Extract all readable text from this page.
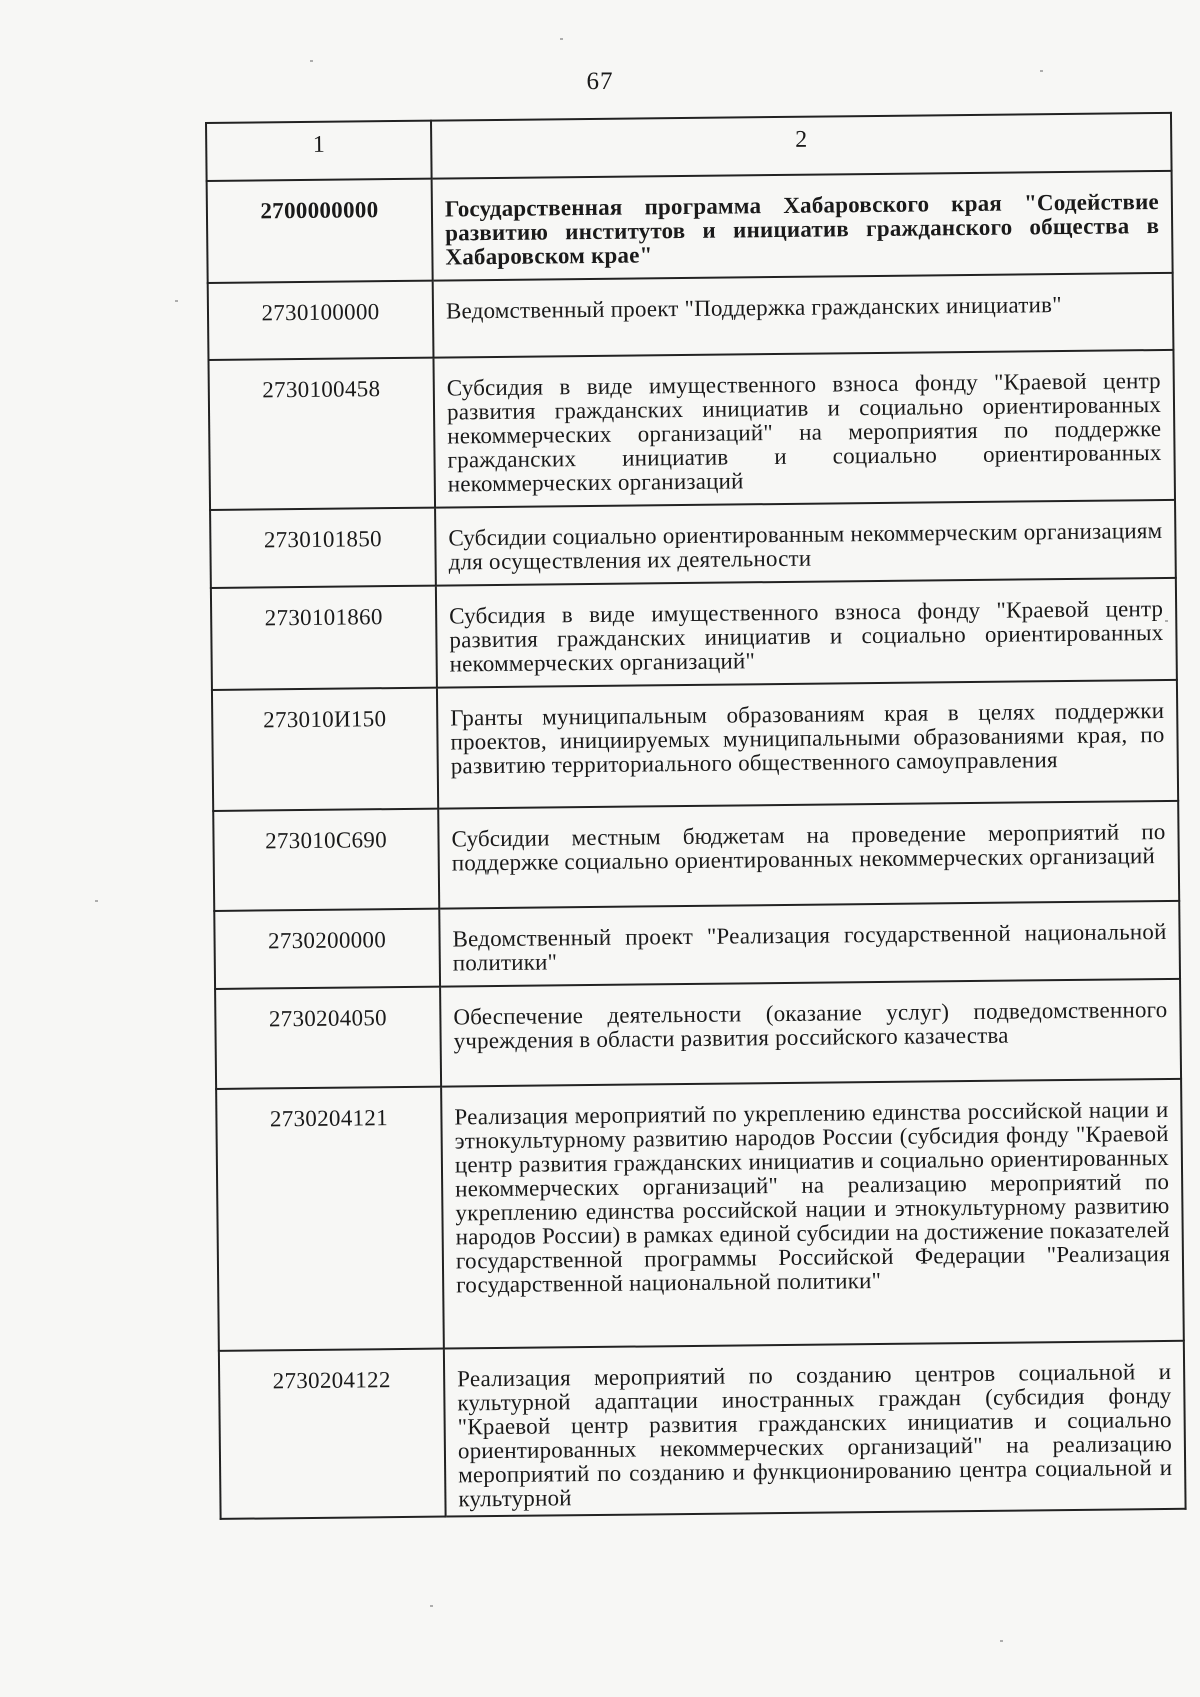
67
1	2
2700000000	Государственная программа Хабаровского края "Содействие развитию институтов и инициатив гражданского общества в Хабаровском крае"
2730100000	Ведомственный проект "Поддержка гражданских инициатив"
2730100458	Субсидия в виде имущественного взноса фонду "Краевой центр развития гражданских инициатив и социально ориентированных некоммерческих организаций" на мероприятия по поддержке гражданских инициатив и социально ориентированных некоммерческих организаций
2730101850	Субсидии социально ориентированным некоммерческим организациям для осуществления их деятельности
2730101860	Субсидия в виде имущественного взноса фонду "Краевой центр развития гражданских инициатив и социально ориентированных некоммерческих организаций"
273010И150	Гранты муниципальным образованиям края в целях поддержки проектов, инициируемых муниципальными образованиями края, по развитию территориального общественного самоуправления
273010С690	Субсидии местным бюджетам на проведение мероприятий по поддержке социально ориентированных некоммерческих организаций
2730200000	Ведомственный проект "Реализация государственной национальной политики"
2730204050	Обеспечение деятельности (оказание услуг) подведомственного учреждения в области развития российского казачества
2730204121	Реализация мероприятий по укреплению единства российской нации и этнокультурному развитию народов России (субсидия фонду "Краевой центр развития гражданских инициатив и социально ориентированных некоммерческих организаций" на реализацию мероприятий по укреплению единства российской нации и этнокультурному развитию народов России) в рамках единой субсидии на достижение показателей государственной программы Российской Федерации "Реализация государственной национальной политики"
2730204122	Реализация мероприятий по созданию центров социальной и культурной адаптации иностранных граждан (субсидия фонду "Краевой центр развития гражданских инициатив и социально ориентированных некоммерческих организаций" на реализацию мероприятий по созданию и функционированию центра социальной и культурной
